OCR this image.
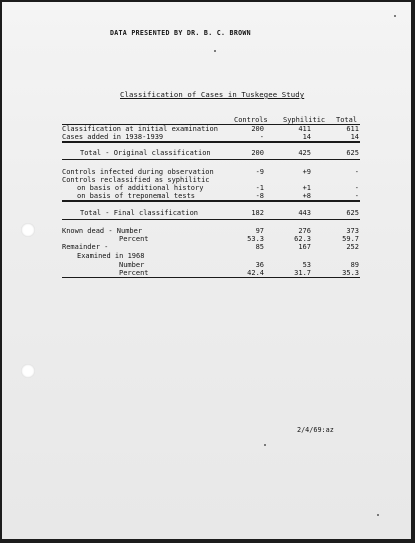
DATA PRESENTED BY DR. B. C. BROWN
Classification of Cases in Tuskegee Study
Controls Syphilitic Total
Classification at initial examination	200	411	611
Cases added in 1938-1939	-	14	14
Total - Original classification	200	425	625
Controls infected during observation	-9	+9	-
Controls reclassified as syphilitic
on basis of additional history	-1	+1	-
on basis of treponemal tests	-8	+8	-
Total - Final classification	182	443	625
Known dead - Number	97	276	373
Percent	53.3	62.3	59.7
Remainder -	85	167	252
Examined in 1968
Number	36	53	89
Percent	42.4	31.7	35.3
2/4/69:az
